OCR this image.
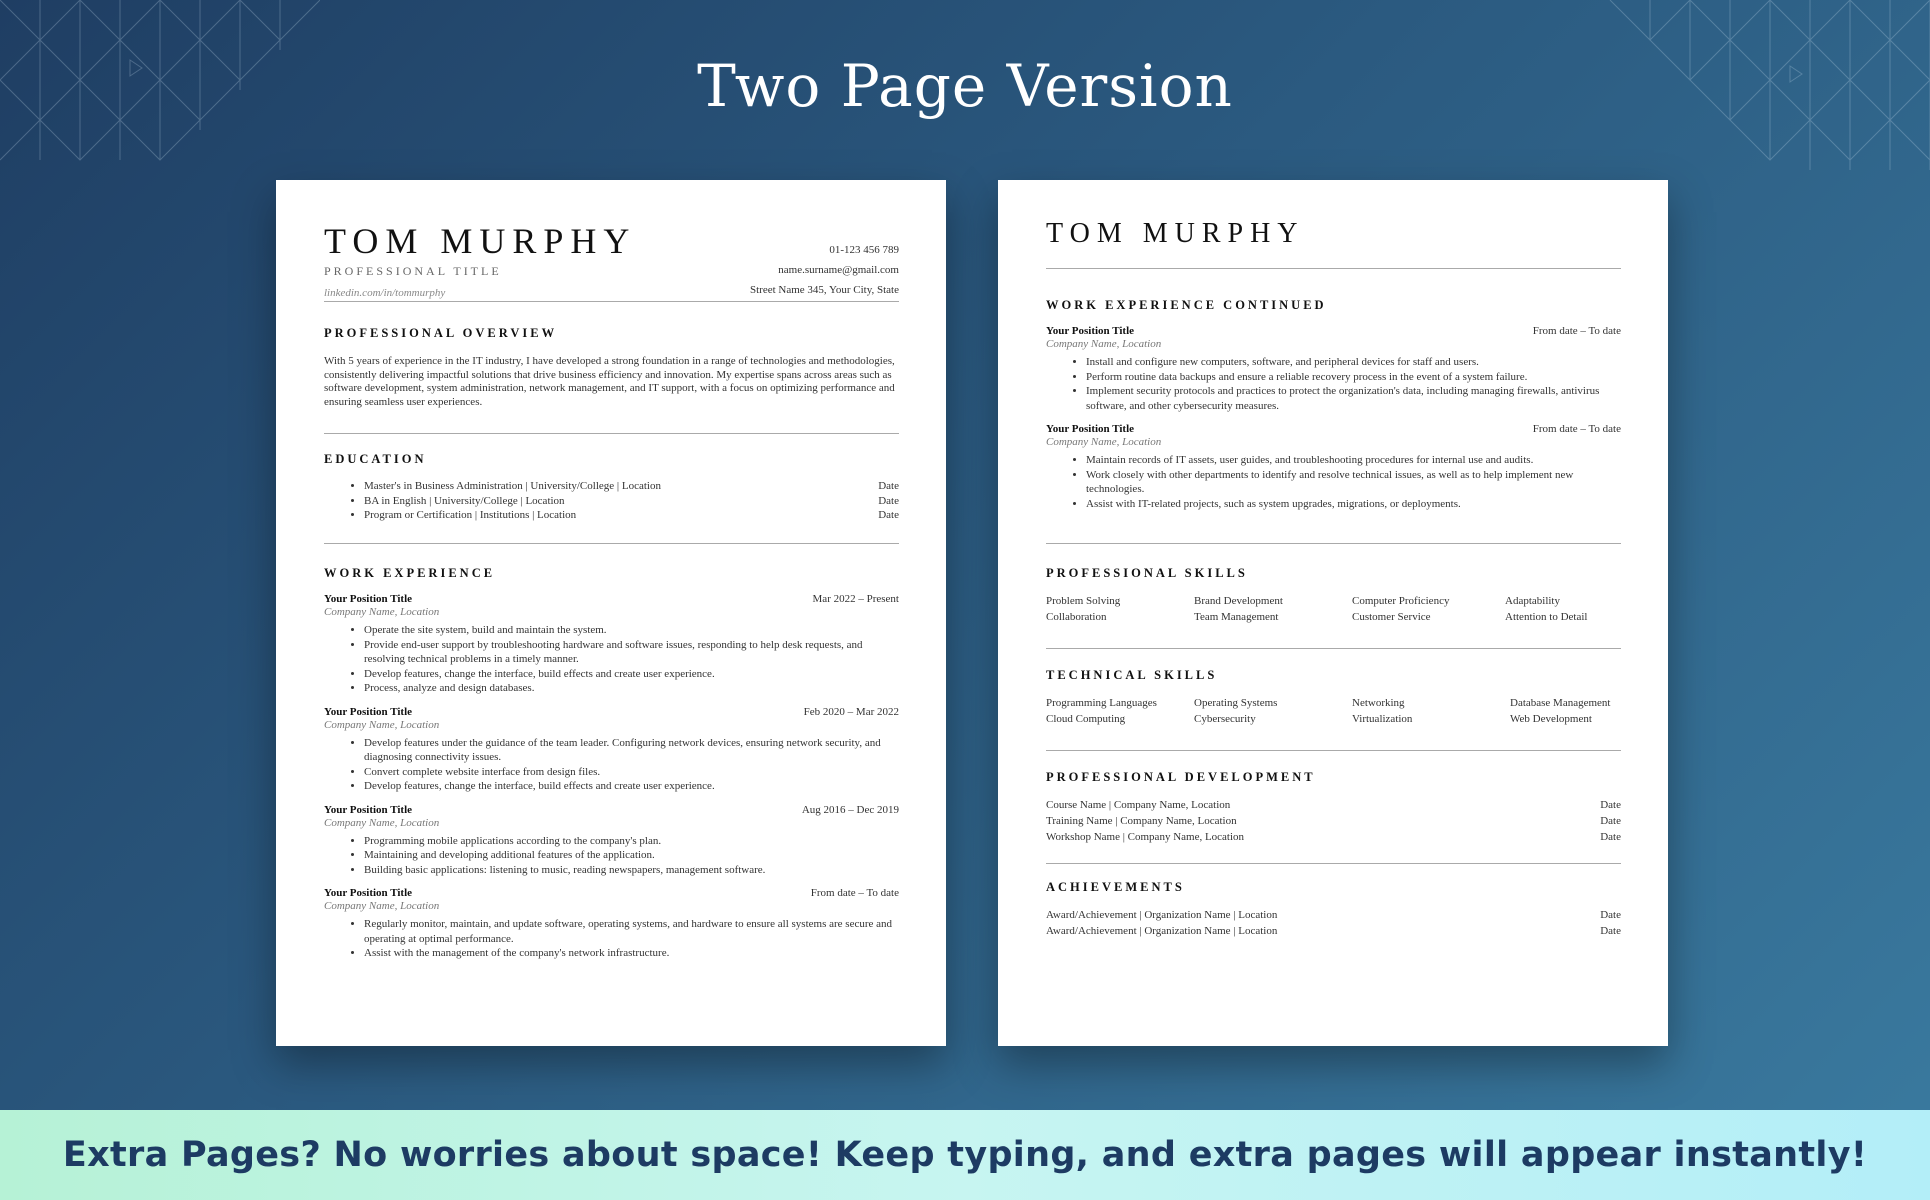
Two Page Version
TOM MURPHY
PROFESSIONAL TITLE
linkedin.com/in/tommurphy
01-123 456 789
name.surname@gmail.com
Street Name 345, Your City, State
PROFESSIONAL OVERVIEW
With 5 years of experience in the IT industry, I have developed a strong foundation in a range of technologies and methodologies, consistently delivering impactful solutions that drive business efficiency and innovation. My expertise spans across areas such as software development, system administration, network management, and IT support, with a focus on optimizing performance and ensuring seamless user experiences.
EDUCATION
• Master's in Business Administration | University/College | Location	Date
• BA in English | University/College | Location	Date
• Program or Certification | Institutions | Location	Date
WORK EXPERIENCE
Your Position Title	Mar 2022 – Present
Company Name, Location
• Operate the site system, build and maintain the system.
• Provide end-user support by troubleshooting hardware and software issues, responding to help desk requests, and resolving technical problems in a timely manner.
• Develop features, change the interface, build effects and create user experience.
• Process, analyze and design databases.
Your Position Title	Feb 2020 – Mar 2022
Company Name, Location
• Develop features under the guidance of the team leader. Configuring network devices, ensuring network security, and diagnosing connectivity issues.
• Convert complete website interface from design files.
• Develop features, change the interface, build effects and create user experience.
Your Position Title	Aug 2016 – Dec 2019
Company Name, Location
• Programming mobile applications according to the company's plan.
• Maintaining and developing additional features of the application.
• Building basic applications: listening to music, reading newspapers, management software.
Your Position Title	From date – To date
Company Name, Location
• Regularly monitor, maintain, and update software, operating systems, and hardware to ensure all systems are secure and operating at optimal performance.
• Assist with the management of the company's network infrastructure.
TOM MURPHY
WORK EXPERIENCE CONTINUED
Your Position Title	From date – To date
Company Name, Location
• Install and configure new computers, software, and peripheral devices for staff and users.
• Perform routine data backups and ensure a reliable recovery process in the event of a system failure.
• Implement security protocols and practices to protect the organization's data, including managing firewalls, antivirus software, and other cybersecurity measures.
Your Position Title	From date – To date
Company Name, Location
• Maintain records of IT assets, user guides, and troubleshooting procedures for internal use and audits.
• Work closely with other departments to identify and resolve technical issues, as well as to help implement new technologies.
• Assist with IT-related projects, such as system upgrades, migrations, or deployments.
PROFESSIONAL SKILLS
Problem Solving	Brand Development	Computer Proficiency	Adaptability
Collaboration	Team Management	Customer Service	Attention to Detail
TECHNICAL SKILLS
Programming Languages	Operating Systems	Networking	Database Management
Cloud Computing	Cybersecurity	Virtualization	Web Development
PROFESSIONAL DEVELOPMENT
Course Name | Company Name, Location	Date
Training Name | Company Name, Location	Date
Workshop Name | Company Name, Location	Date
ACHIEVEMENTS
Award/Achievement | Organization Name | Location	Date
Award/Achievement | Organization Name | Location	Date
Extra Pages? No worries about space! Keep typing, and extra pages will appear instantly!
